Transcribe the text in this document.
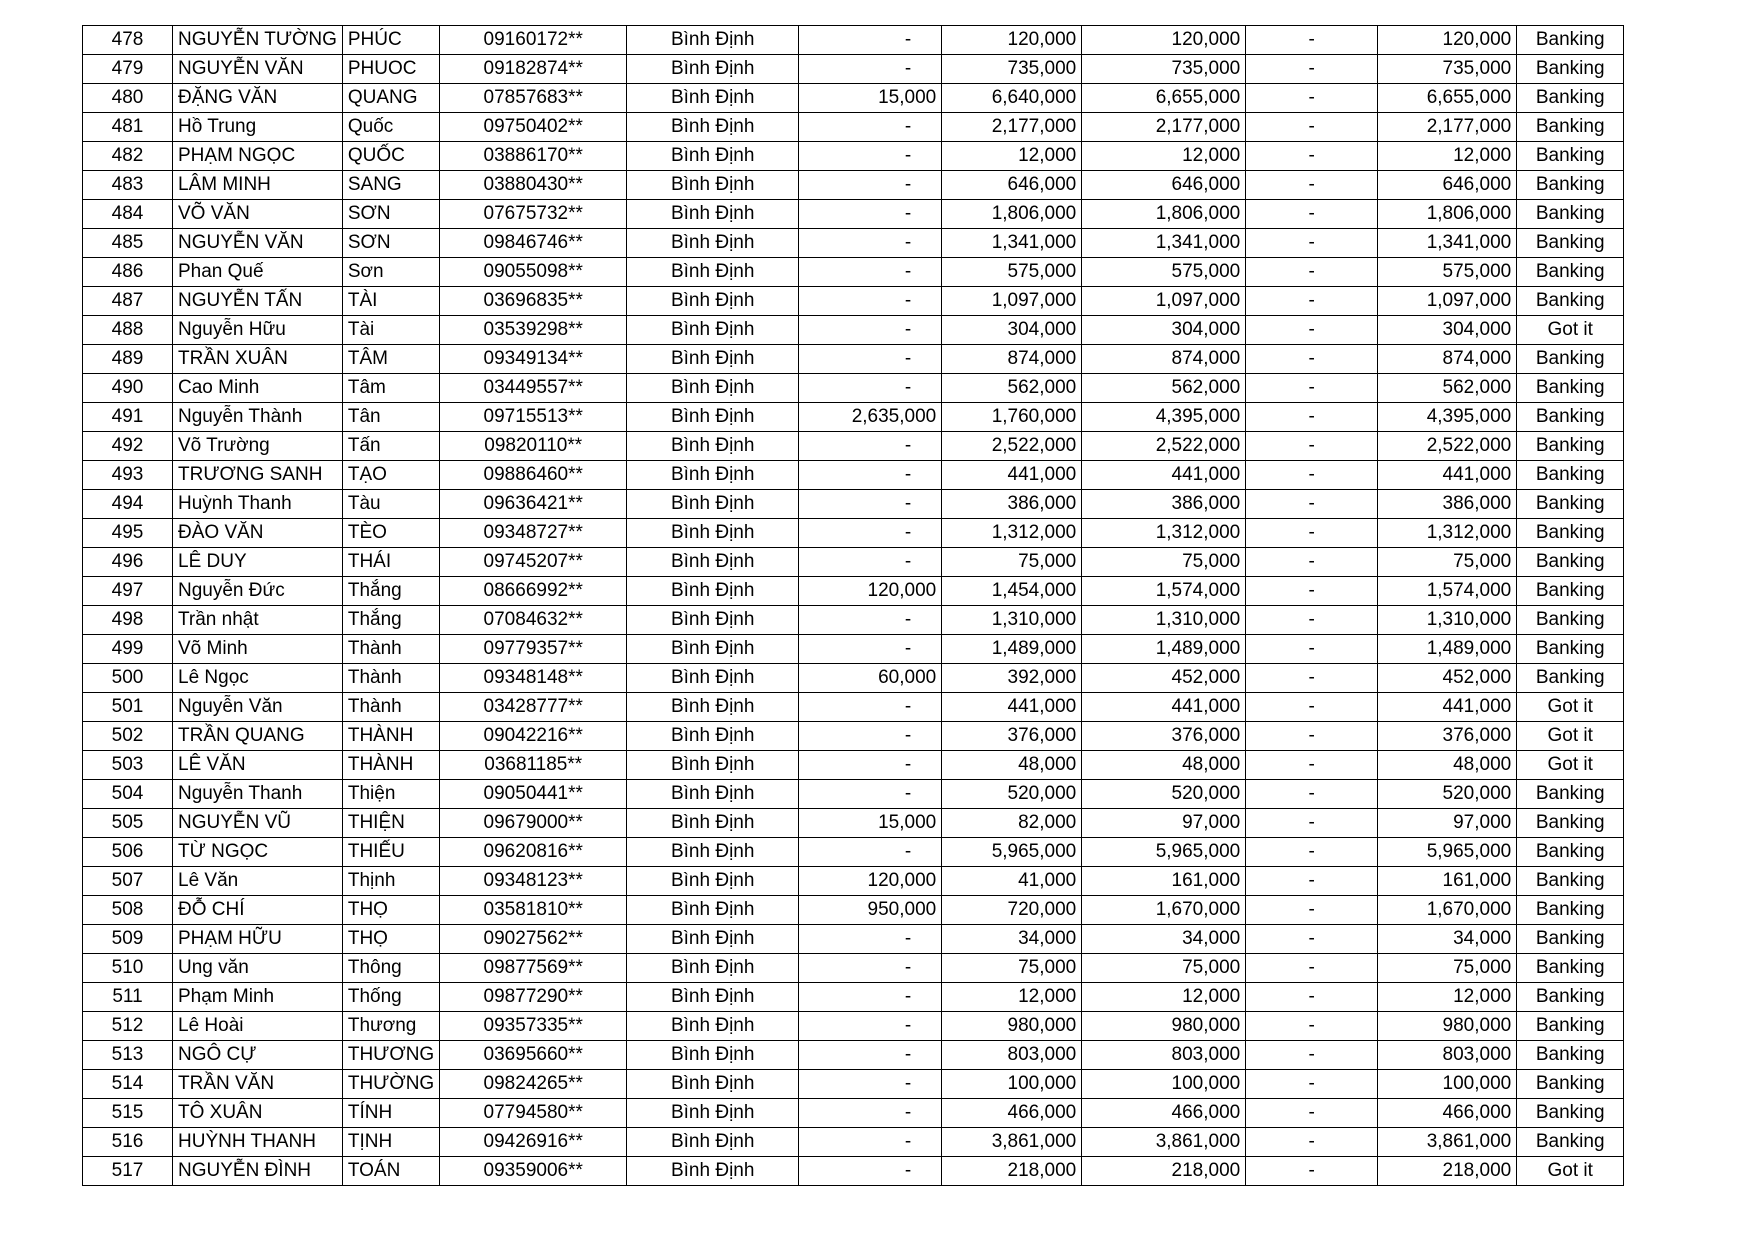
478	NGUYỄN TƯỜNG	PHÚC	09160172**	Bình Định	-	120,000	120,000	-	120,000	Banking
479	NGUYỄN VĂN	PHUOC	09182874**	Bình Định	-	735,000	735,000	-	735,000	Banking
480	ĐẶNG VĂN	QUANG	07857683**	Bình Định	15,000	6,640,000	6,655,000	-	6,655,000	Banking
481	Hồ Trung	Quốc	09750402**	Bình Định	-	2,177,000	2,177,000	-	2,177,000	Banking
482	PHẠM NGỌC	QUỐC	03886170**	Bình Định	-	12,000	12,000	-	12,000	Banking
483	LÂM MINH	SANG	03880430**	Bình Định	-	646,000	646,000	-	646,000	Banking
484	VÕ VĂN	SƠN	07675732**	Bình Định	-	1,806,000	1,806,000	-	1,806,000	Banking
485	NGUYỄN VĂN	SƠN	09846746**	Bình Định	-	1,341,000	1,341,000	-	1,341,000	Banking
486	Phan Quế	Sơn	09055098**	Bình Định	-	575,000	575,000	-	575,000	Banking
487	NGUYỄN TẤN	TÀI	03696835**	Bình Định	-	1,097,000	1,097,000	-	1,097,000	Banking
488	Nguyễn Hữu	Tài	03539298**	Bình Định	-	304,000	304,000	-	304,000	Got it
489	TRẦN XUÂN	TÂM	09349134**	Bình Định	-	874,000	874,000	-	874,000	Banking
490	Cao Minh	Tâm	03449557**	Bình Định	-	562,000	562,000	-	562,000	Banking
491	Nguyễn Thành	Tân	09715513**	Bình Định	2,635,000	1,760,000	4,395,000	-	4,395,000	Banking
492	Võ Trường	Tấn	09820110**	Bình Định	-	2,522,000	2,522,000	-	2,522,000	Banking
493	TRƯƠNG SANH	TẠO	09886460**	Bình Định	-	441,000	441,000	-	441,000	Banking
494	Huỳnh Thanh	Tàu	09636421**	Bình Định	-	386,000	386,000	-	386,000	Banking
495	ĐÀO VĂN	TÈO	09348727**	Bình Định	-	1,312,000	1,312,000	-	1,312,000	Banking
496	LÊ DUY	THÁI	09745207**	Bình Định	-	75,000	75,000	-	75,000	Banking
497	Nguyễn Đức	Thắng	08666992**	Bình Định	120,000	1,454,000	1,574,000	-	1,574,000	Banking
498	Trần nhật	Thắng	07084632**	Bình Định	-	1,310,000	1,310,000	-	1,310,000	Banking
499	Võ Minh	Thành	09779357**	Bình Định	-	1,489,000	1,489,000	-	1,489,000	Banking
500	Lê Ngọc	Thành	09348148**	Bình Định	60,000	392,000	452,000	-	452,000	Banking
501	Nguyễn Văn	Thành	03428777**	Bình Định	-	441,000	441,000	-	441,000	Got it
502	TRẦN QUANG	THÀNH	09042216**	Bình Định	-	376,000	376,000	-	376,000	Got it
503	LÊ VĂN	THÀNH	03681185**	Bình Định	-	48,000	48,000	-	48,000	Got it
504	Nguyễn Thanh	Thiện	09050441**	Bình Định	-	520,000	520,000	-	520,000	Banking
505	NGUYỄN VŨ	THIỆN	09679000**	Bình Định	15,000	82,000	97,000	-	97,000	Banking
506	TỪ NGỌC	THIẾU	09620816**	Bình Định	-	5,965,000	5,965,000	-	5,965,000	Banking
507	Lê Văn	Thịnh	09348123**	Bình Định	120,000	41,000	161,000	-	161,000	Banking
508	ĐỖ CHÍ	THỌ	03581810**	Bình Định	950,000	720,000	1,670,000	-	1,670,000	Banking
509	PHẠM HỮU	THỌ	09027562**	Bình Định	-	34,000	34,000	-	34,000	Banking
510	Ung văn	Thông	09877569**	Bình Định	-	75,000	75,000	-	75,000	Banking
511	Phạm Minh	Thống	09877290**	Bình Định	-	12,000	12,000	-	12,000	Banking
512	Lê Hoài	Thương	09357335**	Bình Định	-	980,000	980,000	-	980,000	Banking
513	NGÔ CỰ	THƯƠNG	03695660**	Bình Định	-	803,000	803,000	-	803,000	Banking
514	TRẦN VĂN	THƯỜNG	09824265**	Bình Định	-	100,000	100,000	-	100,000	Banking
515	TÔ XUÂN	TÍNH	07794580**	Bình Định	-	466,000	466,000	-	466,000	Banking
516	HUỲNH THANH	TỊNH	09426916**	Bình Định	-	3,861,000	3,861,000	-	3,861,000	Banking
517	NGUYỄN ĐÌNH	TOÁN	09359006**	Bình Định	-	218,000	218,000	-	218,000	Got it
